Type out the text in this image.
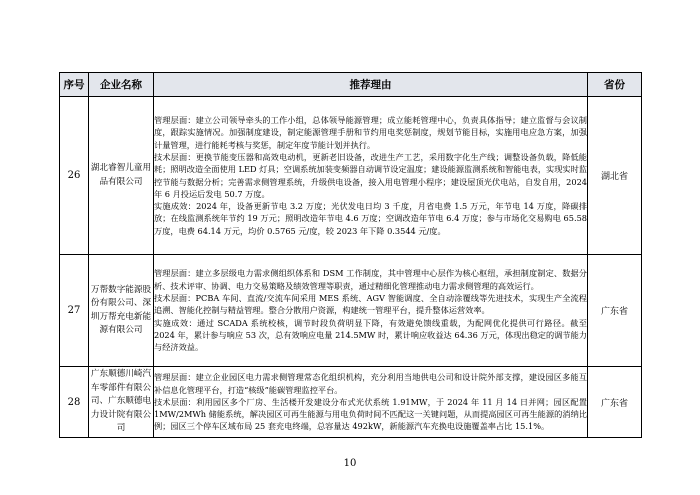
序号	企业名称	推荐理由	省份
26	湖北睿智儿童用品有限公司	管理层面：建立公司领导牵头的工作小组，总体领导能源管理；成立能耗管理中心，负责具体指导；建立监督与会议制度，跟踪实施情况。加强制度建设，制定能源管理手册和节约用电奖惩制度，规划节能目标，实施用电应急方案，加强计量管理，进行能耗考核与奖惩，制定年度节能计划并执行。

技术层面：更换节能变压器和高效电动机，更新老旧设备，改进生产工艺，采用数字化生产线；调整设备负载，降低能耗；照明改造全面使用 LED 灯具；空调系统加装变频器自动调节设定温度；建设能源监测系统和智能电表，实现实时监控节能与数据分析；完善需求侧管理系统，升级供电设备，接入用电管理小程序；建设屋顶光伏电站，自发自用，2024 年 6 月投运后发电 50.7 万度。

实施成效：2024 年，设备更新节电 3.2 万度；光伏发电日均 3 千度，月省电费 1.5 万元，年节电 14 万度，降碳排放；在线监测系统年节约 19 万元；照明改造年节电 4.6 万度；空调改造年节电 6.4 万度；参与市场化交易购电 65.58 万度，电费 64.14 万元，均价 0.5765 元/度，较 2023 年下降 0.3544 元/度。	湖北省
27	万帮数字能源股份有限公司、深圳万帮充电新能源有限公司	管理层面：建立多层级电力需求侧组织体系和 DSM 工作制度，其中管理中心层作为核心枢纽，承担制度制定、数据分析、技术评审、协调、电力交易策略及绩效管理等职责，通过精细化管理推动电力需求侧管理的高效运行。

技术层面：PCBA 车间、直流/交流车间采用 MES 系统、AGV 智能调度、全自动涂覆线等先进技术，实现生产全流程追溯、智能化控制与精益管理。整合分散用户资源，构建统一管理平台，提升整体运营效率。

实施成效：通过 SCADA 系统校核，调节时段负荷明显下降，有效避免馈线重载，为配网优化提供可行路径。截至 2024 年，累计参与响应 53 次，总有效响应电量 214.5MW 时，累计响应收益达 64.36 万元，体现出稳定的调节能力与经济效益。	广东省
28	广东顺德川崎汽车零部件有限公司、广东顺德电力设计院有限公司	管理层面：建立企业园区电力需求侧管理常态化组织机构，充分利用当地供电公司和设计院外部支撑，建设园区多能互补信息化管理平台，打造“核级”能碳管理监控平台。

技术层面：利用园区多个厂房、生活楼开发建设分布式光伏系统 1.91MW，于 2024 年 11 月 14 日并网；园区配置 1MW/2MWh 储能系统，解决园区可再生能源与用电负荷时间不匹配这一关键问题，从而提高园区可再生能源的消纳比例；园区三个停车区域布局 25 套充电终端，总容量达 492kW，新能源汽车充换电设施覆盖率占比 15.1%。	广东省
10
